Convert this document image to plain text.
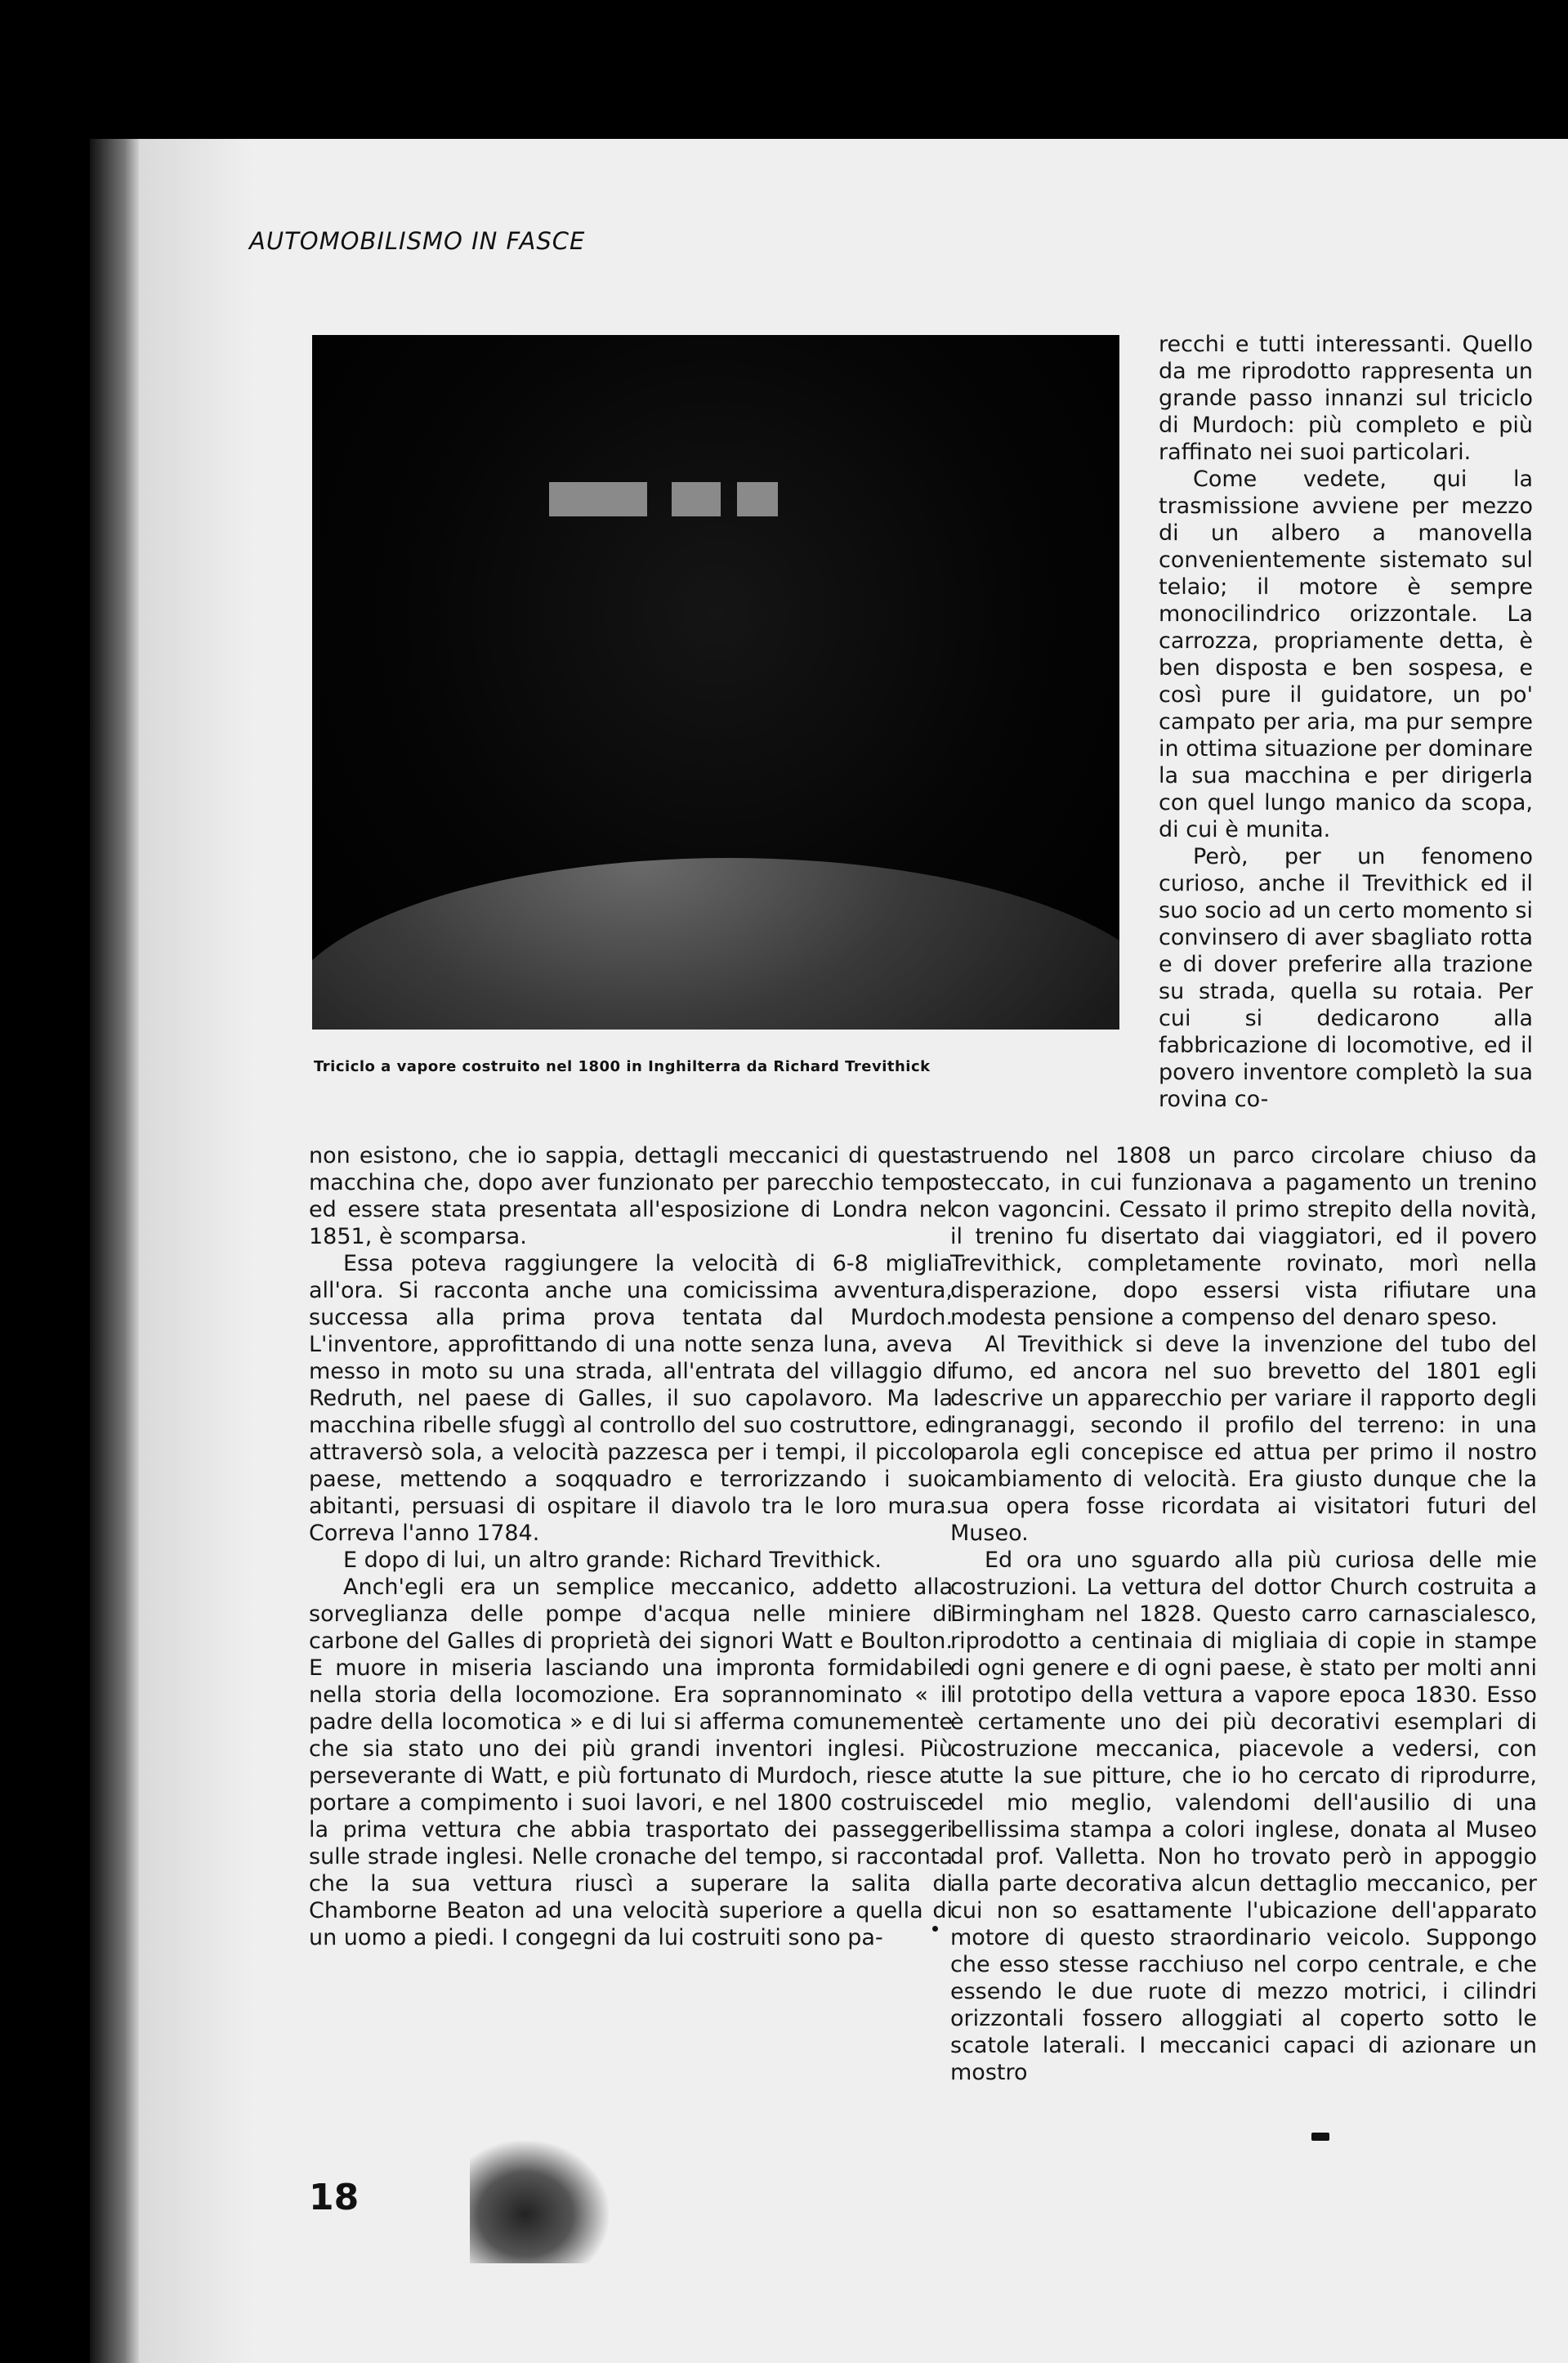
AUTOMOBILISMO IN FASCE

Triciclo a vapore costruito nel 1800 in Inghilterra da Richard Trevithick

recchi e tutti interessanti. Quello da me riprodotto rappresenta un grande passo innanzi sul triciclo di Murdoch: più completo e più raffinato nei suoi particolari.

Come vedete, qui la trasmissione avviene per mezzo di un albero a manovella convenientemente sistemato sul telaio; il motore è sempre monocilindrico orizzontale. La carrozza, propriamente detta, è ben disposta e ben sospesa, e così pure il guidatore, un po' campato per aria, ma pur sempre in ottima situazione per dominare la sua macchina e per dirigerla con quel lungo manico da scopa, di cui è munita.

Però, per un fenomeno curioso, anche il Trevithick ed il suo socio ad un certo momento si convinsero di aver sbagliato rotta e di dover preferire alla trazione su strada, quella su rotaia. Per cui si dedicarono alla fabbricazione di locomotive, ed il povero inventore completò la sua rovina co-

non esistono, che io sappia, dettagli meccanici di questa macchina che, dopo aver funzionato per parecchio tempo ed essere stata presentata all'esposizione di Londra nel 1851, è scomparsa.

Essa poteva raggiungere la velocità di 6-8 miglia all'ora. Si racconta anche una comicissima avventura, successa alla prima prova tentata dal Murdoch. L'inventore, approfittando di una notte senza luna, aveva messo in moto su una strada, all'entrata del villaggio di Redruth, nel paese di Galles, il suo capolavoro. Ma la macchina ribelle sfuggì al controllo del suo costruttore, ed attraversò sola, a velocità pazzesca per i tempi, il piccolo paese, mettendo a soqquadro e terrorizzando i suoi abitanti, persuasi di ospitare il diavolo tra le loro mura. Correva l'anno 1784.

E dopo di lui, un altro grande: Richard Trevithick.

Anch'egli era un semplice meccanico, addetto alla sorveglianza delle pompe d'acqua nelle miniere di carbone del Galles di proprietà dei signori Watt e Boulton. E muore in miseria lasciando una impronta formidabile nella storia della locomozione. Era soprannominato « il padre della locomotica » e di lui si afferma comunemente che sia stato uno dei più grandi inventori inglesi. Più perseverante di Watt, e più fortunato di Murdoch, riesce a portare a compimento i suoi lavori, e nel 1800 costruisce la prima vettura che abbia trasportato dei passeggeri sulle strade inglesi. Nelle cronache del tempo, si racconta che la sua vettura riuscì a superare la salita di Chamborne Beaton ad una velocità superiore a quella di un uomo a piedi. I congegni da lui costruiti sono pa-

struendo nel 1808 un parco circolare chiuso da steccato, in cui funzionava a pagamento un trenino con vagoncini. Cessato il primo strepito della novità, il trenino fu disertato dai viaggiatori, ed il povero Trevithick, completamente rovinato, morì nella disperazione, dopo essersi vista rifiutare una modesta pensione a compenso del denaro speso.

Al Trevithick si deve la invenzione del tubo del fumo, ed ancora nel suo brevetto del 1801 egli descrive un apparecchio per variare il rapporto degli ingranaggi, secondo il profilo del terreno: in una parola egli concepisce ed attua per primo il nostro cambiamento di velocità. Era giusto dunque che la sua opera fosse ricordata ai visitatori futuri del Museo.

Ed ora uno sguardo alla più curiosa delle mie costruzioni. La vettura del dottor Church costruita a Birmingham nel 1828. Questo carro carnascialesco, riprodotto a centinaia di migliaia di copie in stampe di ogni genere e di ogni paese, è stato per molti anni il prototipo della vettura a vapore epoca 1830. Esso è certamente uno dei più decorativi esemplari di costruzione meccanica, piacevole a vedersi, con tutte la sue pitture, che io ho cercato di riprodurre, del mio meglio, valendomi dell'ausilio di una bellissima stampa a colori inglese, donata al Museo dal prof. Valletta. Non ho trovato però in appoggio alla parte decorativa alcun dettaglio meccanico, per cui non so esattamente l'ubicazione dell'apparato motore di questo straordinario veicolo. Suppongo che esso stesse racchiuso nel corpo centrale, e che essendo le due ruote di mezzo motrici, i cilindri orizzontali fossero alloggiati al coperto sotto le scatole laterali. I meccanici capaci di azionare un mostro

18
